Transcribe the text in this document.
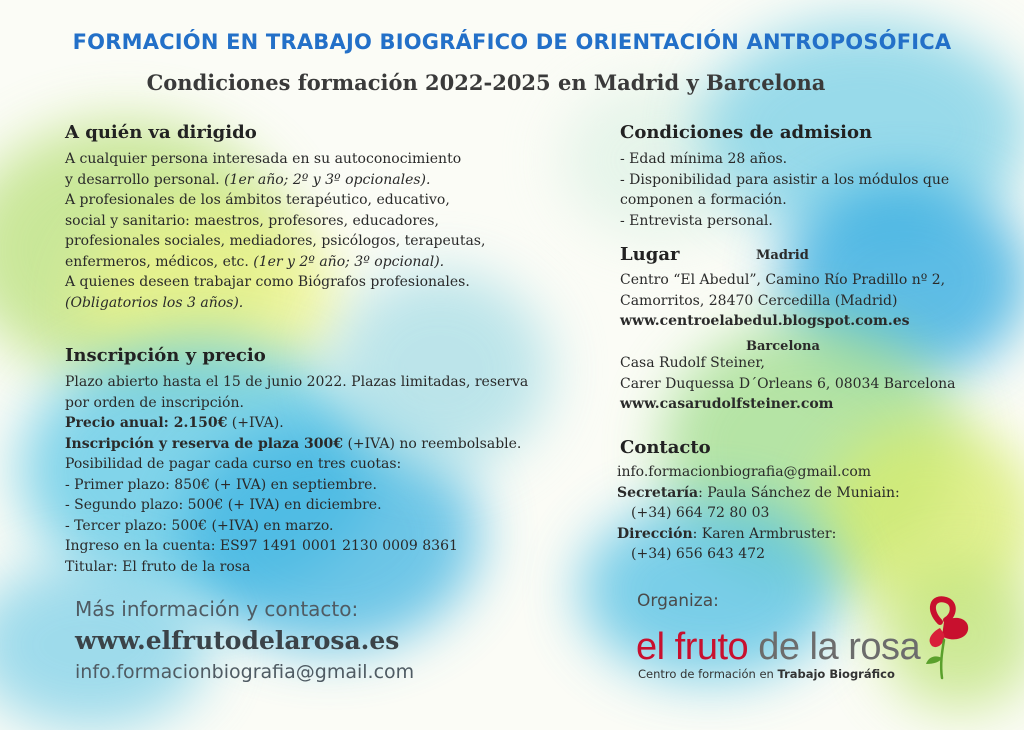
FORMACIÓN EN TRABAJO BIOGRÁFICO DE ORIENTACIÓN ANTROPOSÓFICA
Condiciones formación 2022-2025 en Madrid y Barcelona
A quién va dirigido
A cualquier persona interesada en su autoconocimiento
y desarrollo personal. (1er año; 2º y 3º opcionales).
A profesionales de los ámbitos terapéutico, educativo,
social y sanitario: maestros, profesores, educadores,
profesionales sociales, mediadores, psicólogos, terapeutas,
enfermeros, médicos, etc. (1er y 2º año; 3º opcional).
A quienes deseen trabajar como Biógrafos profesionales.
(Obligatorios los 3 años).
Inscripción y precio
Plazo abierto hasta el 15 de junio 2022. Plazas limitadas, reserva
por orden de inscripción.
Precio anual: 2.150€ (+IVA).
Inscripción y reserva de plaza 300€ (+IVA) no reembolsable.
Posibilidad de pagar cada curso en tres cuotas:
- Primer plazo: 850€ (+ IVA) en septiembre.
- Segundo plazo: 500€ (+ IVA) en diciembre.
- Tercer plazo: 500€ (+IVA) en marzo.
Ingreso en la cuenta: ES97 1491 0001 2130 0009 8361
Titular: El fruto de la rosa
Condiciones de admision
- Edad mínima 28 años.
- Disponibilidad para asistir a los módulos que
componen a formación.
- Entrevista personal.
Lugar	Madrid
Centro “El Abedul”, Camino Río Pradillo nº 2,
Camorritos, 28470 Cercedilla (Madrid)
www.centroelabedul.blogspot.com.es
Barcelona
Casa Rudolf Steiner,
Carer Duquessa D´Orleans 6, 08034 Barcelona
www.casarudolfsteiner.com
Contacto
info.formacionbiografia@gmail.com
Secretaría: Paula Sánchez de Muniain:
(+34) 664 72 80 03
Dirección: Karen Armbruster:
(+34) 656 643 472
Más información y contacto:
www.elfrutodelarosa.es
info.formacionbiografia@gmail.com
Organiza:
el fruto de la rosa
Centro de formación en Trabajo Biográfico
